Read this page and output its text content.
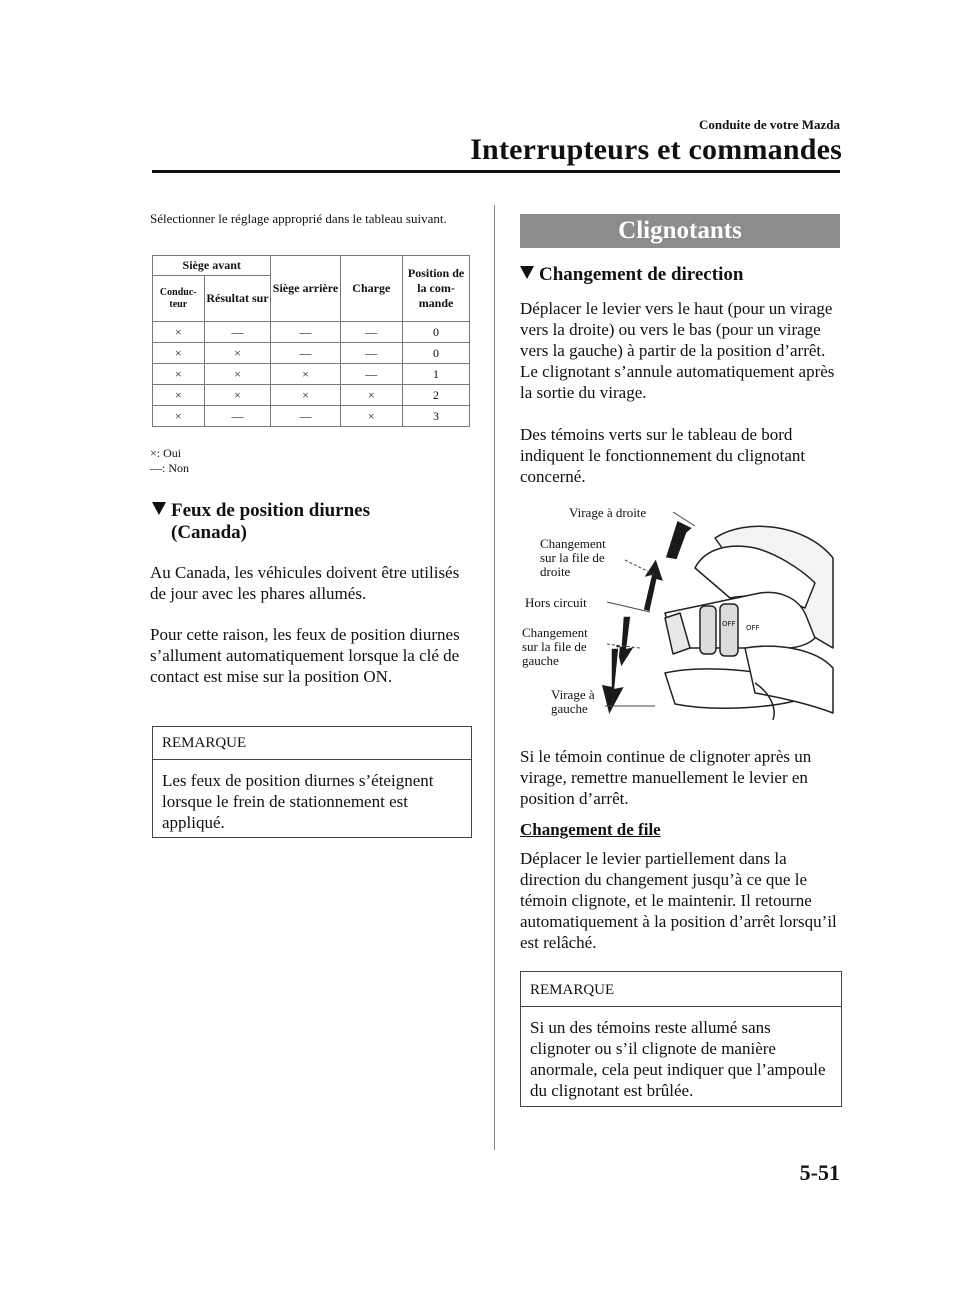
Conduite de votre Mazda
Interrupteurs et commandes
Sélectionner le réglage approprié dans le tableau suivant.
Siège avant		Siège arrière	Charge	Position de la com-mande
Conduc-teur	Résultat sur			
×	—	—	—	0
×	×	—	—	0
×	×	×	—	1
×	×	×	×	2
×	—	—	×	3
×: Oui
—: Non
Feux de position diurnes
(Canada)
Au Canada, les véhicules doivent être utilisés de jour avec les phares allumés.
Pour cette raison, les feux de position diurnes s’allument automatiquement lorsque la clé de contact est mise sur la position ON.
REMARQUE
Les feux de position diurnes s’éteignent lorsque le frein de stationnement est appliqué.
Clignotants
Changement de direction
Déplacer le levier vers le haut (pour un virage vers la droite) ou vers le bas (pour un virage vers la gauche) à partir de la position d’arrêt. Le clignotant s’annule automatiquement après la sortie du virage.
Des témoins verts sur le tableau de bord indiquent le fonctionnement du clignotant concerné.
OFF OFF
Virage à droite
Changement
sur la file de
droite
Hors circuit
Changement
sur la file de
gauche
Virage à
gauche
Si le témoin continue de clignoter après un virage, remettre manuellement le levier en position d’arrêt.
Changement de file
Déplacer le levier partiellement dans la direction du changement jusqu’à ce que le témoin clignote, et le maintenir. Il retourne automatiquement à la position d’arrêt lorsqu’il est relâché.
REMARQUE
Si un des témoins reste allumé sans clignoter ou s’il clignote de manière anormale, cela peut indiquer que l’ampoule du clignotant est brûlée.
5-51
